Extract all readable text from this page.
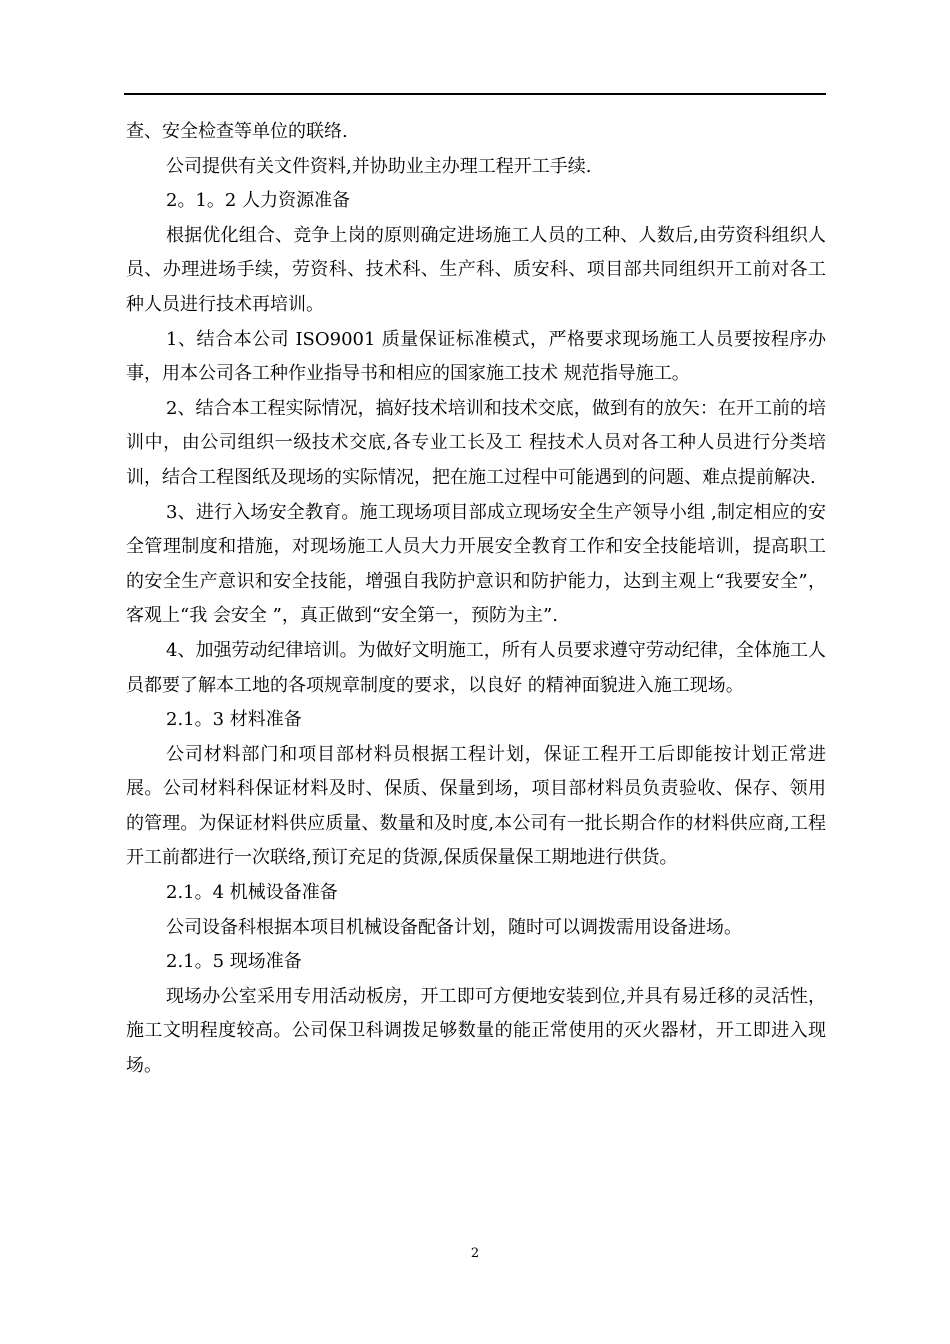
查、安全检查等单位的联络.

公司提供有关文件资料,并协助业主办理工程开工手续.

2。1。2 人力资源准备

根据优化组合、竞争上岗的原则确定进场施工人员的工种、人数后,由劳资科组织人员、办理进场手续，劳资科、技术科、生产科、质安科、项目部共同组织开工前对各工种人员进行技术再培训。

1、结合本公司 ISO9001 质量保证标准模式，严格要求现场施工人员要按程序办事，用本公司各工种作业指导书和相应的国家施工技术 规范指导施工。

2、结合本工程实际情况，搞好技术培训和技术交底，做到有的放矢：在开工前的培训中，由公司组织一级技术交底,各专业工长及工 程技术人员对各工种人员进行分类培训，结合工程图纸及现场的实际情况，把在施工过程中可能遇到的问题、难点提前解决.

3、进行入场安全教育。施工现场项目部成立现场安全生产领导小组 ,制定相应的安全管理制度和措施，对现场施工人员大力开展安全教育工作和安全技能培训，提高职工的安全生产意识和安全技能，增强自我防护意识和防护能力，达到主观上“我要安全”，客观上“我 会安全 ”，真正做到“安全第一，预防为主”.

4、加强劳动纪律培训。为做好文明施工，所有人员要求遵守劳动纪律，全体施工人员都要了解本工地的各项规章制度的要求，以良好 的精神面貌进入施工现场。

2.1。3 材料准备

公司材料部门和项目部材料员根据工程计划，保证工程开工后即能按计划正常进展。公司材料科保证材料及时、保质、保量到场，项目部材料员负责验收、保存、领用的管理。为保证材料供应质量、数量和及时度,本公司有一批长期合作的材料供应商,工程开工前都进行一次联络,预订充足的货源,保质保量保工期地进行供货。

2.1。4 机械设备准备

公司设备科根据本项目机械设备配备计划，随时可以调拨需用设备进场。

2.1。5 现场准备

现场办公室采用专用活动板房，开工即可方便地安装到位,并具有易迁移的灵活性，施工文明程度较高。公司保卫科调拨足够数量的能正常使用的灭火器材，开工即进入现场。

2
